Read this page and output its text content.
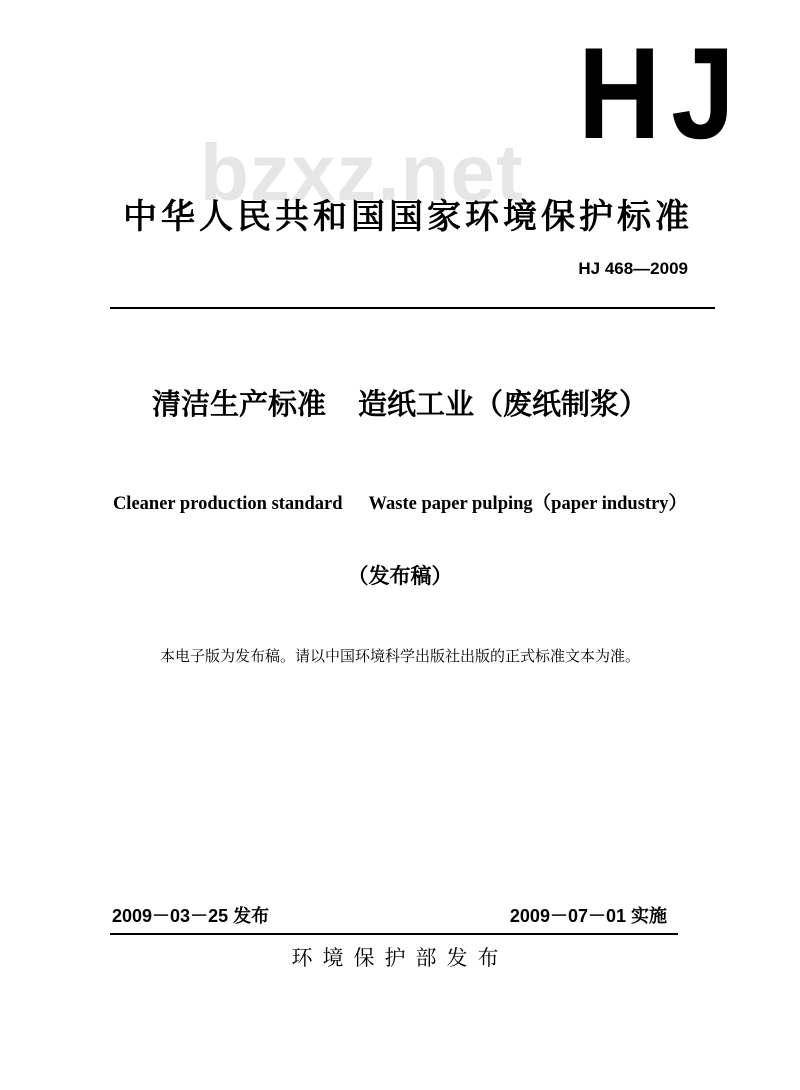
bzxz.net
HJ
中华人民共和国国家环境保护标准
HJ 468—2009
清洁生产标准 造纸工业（废纸制浆）
Cleaner production standard Waste paper pulping（paper industry）
（发布稿）
本电子版为发布稿。请以中国环境科学出版社出版的正式标准文本为准。
2009－03－25 发布	2009－07－01 实施
环境保护部发布
